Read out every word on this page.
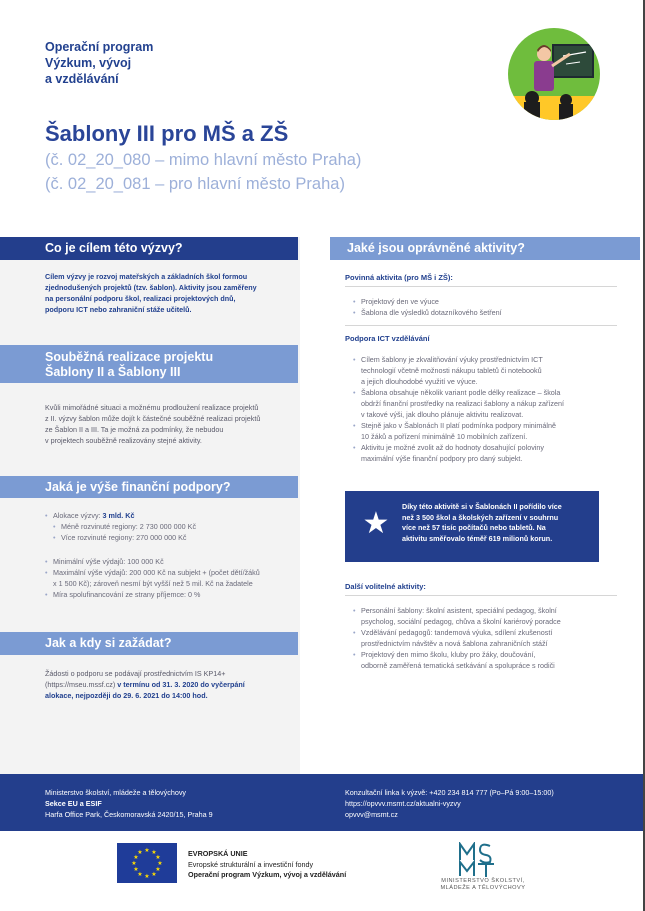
Operační program
Výzkum, vývoj
a vzdělávání
Šablony III pro MŠ a ZŠ
(č. 02_20_080 – mimo hlavní město Praha)
(č. 02_20_081 – pro hlavní město Praha)
Co je cílem této výzvy?
Cílem výzvy je rozvoj mateřských a základních škol formou
zjednodušených projektů (tzv. šablon). Aktivity jsou zaměřeny
na personální podporu škol, realizaci projektových dnů,
podporu ICT nebo zahraniční stáže učitelů.
Souběžná realizace projektu
Šablony II a Šablony III
Kvůli mimořádné situaci a možnému prodloužení realizace projektů
z II. výzvy šablon může dojít k částečné souběžné realizaci projektů
ze Šablon II a III. Ta je možná za podmínky, že nebudou
v projektech souběžně realizovány stejné aktivity.
Jaká je výše finanční podpory?
• Alokace výzvy: 3 mld. Kč
• Méně rozvinuté regiony: 2 730 000 000 Kč
• Více rozvinuté regiony: 270 000 000 Kč
• Minimální výše výdajů: 100 000 Kč
• Maximální výše výdajů: 200 000 Kč na subjekt + (počet dětí/žáků
x 1 500 Kč); zároveň nesmí být vyšší než 5 mil. Kč na žadatele
• Míra spolufinancování ze strany příjemce: 0 %
Jak a kdy si zažádat?
Žádosti o podporu se podávají prostřednictvím IS KP14+
(https://mseu.mssf.cz) v termínu od 31. 3. 2020 do vyčerpání
alokace, nejpozději do 29. 6. 2021 do 14:00 hod.
Jaké jsou oprávněné aktivity?
Povinná aktivita (pro MŠ i ZŠ):
• Projektový den ve výuce
• Šablona dle výsledků dotazníkového šetření
Podpora ICT vzdělávání
• Cílem šablony je zkvalitňování výuky prostřednictvím ICT
technologií včetně možnosti nákupu tabletů či notebooků
a jejich dlouhodobé využití ve výuce.
• Šablona obsahuje několik variant podle délky realizace – škola
obdrží finanční prostředky na realizaci šablony a nákup zařízení
v takové výši, jak dlouho plánuje aktivitu realizovat.
• Stejně jako v Šablonách II platí podmínka podpory minimálně
10 žáků a pořízení minimálně 10 mobilních zařízení.
• Aktivitu je možné zvolit až do hodnoty dosahující poloviny
maximální výše finanční podpory pro daný subjekt.
★
Díky této aktivitě si v Šablonách II pořídilo více
než 3 500 škol a školských zařízení v souhrnu
více než 57 tisíc počítačů nebo tabletů. Na
aktivitu směřovalo téměř 619 milionů korun.
Další volitelné aktivity:
• Personální šablony: školní asistent, speciální pedagog, školní
psycholog, sociální pedagog, chůva a školní kariérový poradce
• Vzdělávání pedagogů: tandemová výuka, sdílení zkušeností
prostřednictvím návštěv a nová šablona zahraničních stáží
• Projektový den mimo školu, kluby pro žáky, doučování,
odborně zaměřená tematická setkávání a spolupráce s rodiči
Ministerstvo školství, mládeže a tělovýchovy
Sekce EU a ESIF
Harfa Office Park, Českomoravská 2420/15, Praha 9
Konzultační linka k výzvě: +420 234 814 777 (Po–Pá 9:00–15:00)
https://opvvv.msmt.cz/aktualni-vyzvy
opvvv@msmt.cz
★ ★
★
★
★
★
★
★
★
★
★
★	EVROPSKÁ UNIE
Evropské strukturální a investiční fondy
Operační program Výzkum, vývoj a vzdělávání
MINISTERSTVO ŠKOLSTVÍ,
MLÁDEŽE A TĚLOVÝCHOVY
